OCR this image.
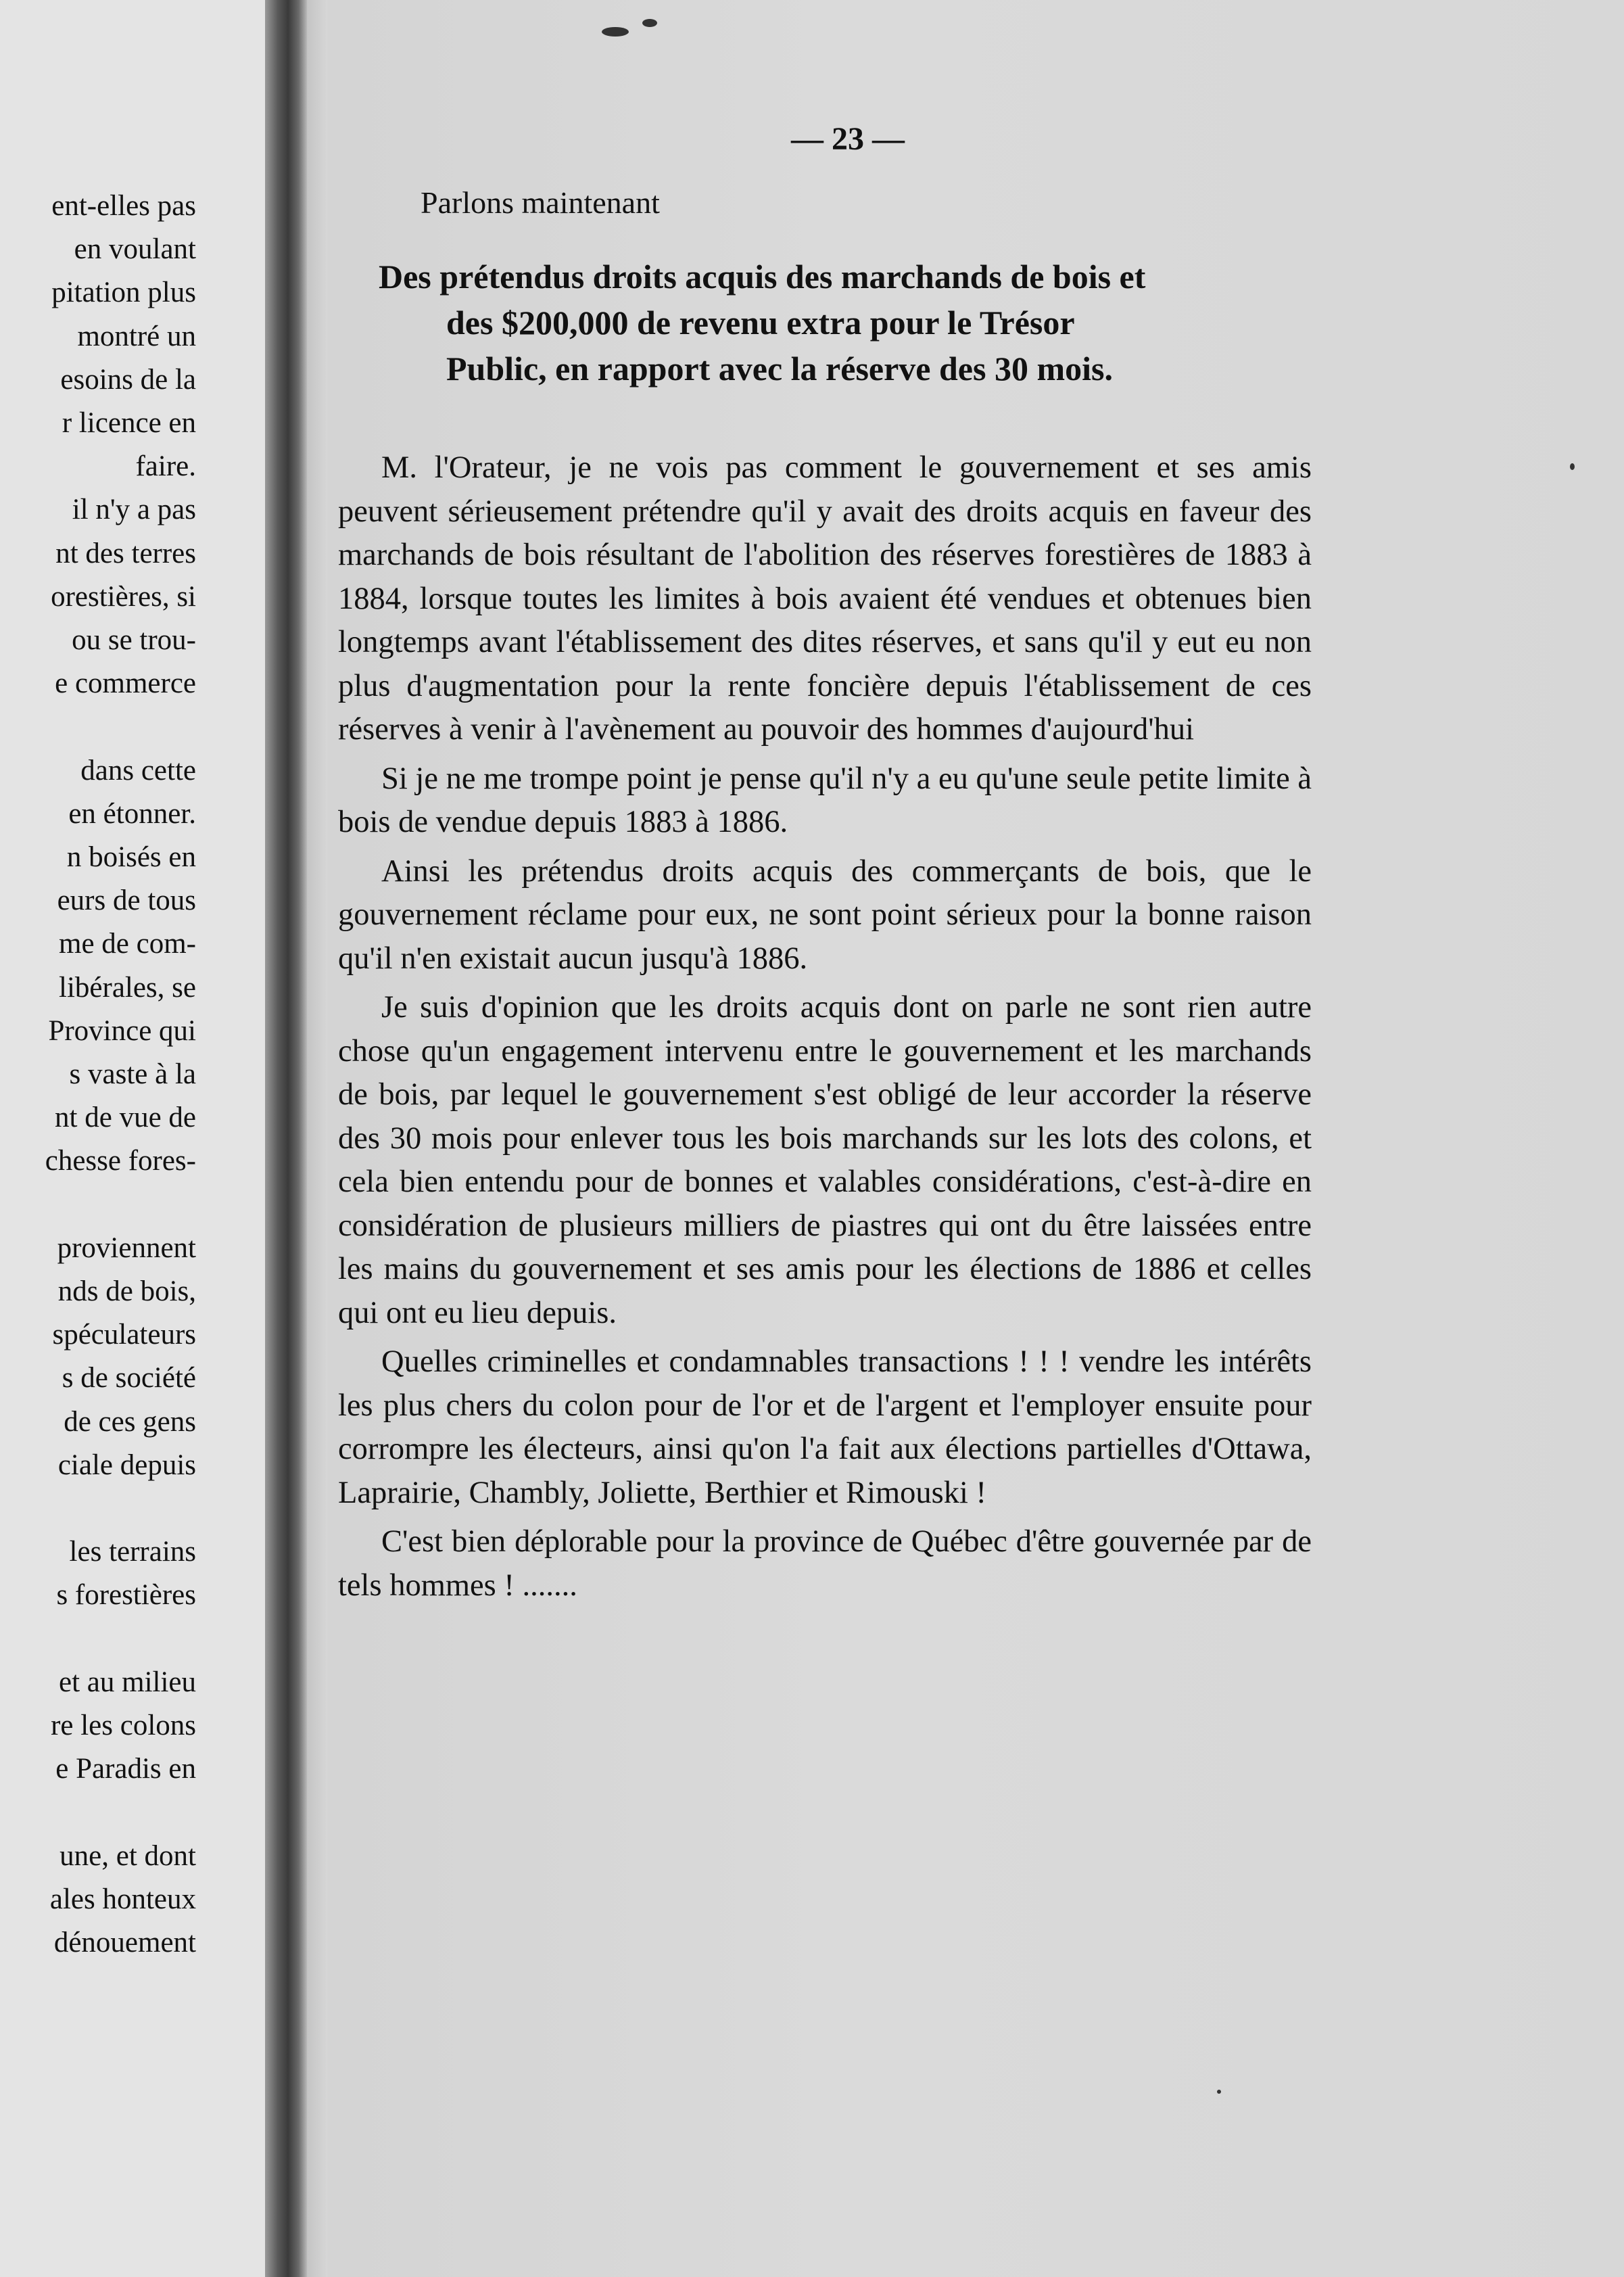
ent-elles pas
en voulant
pitation plus
montré un
esoins de la
r licence en
faire.
il n'y a pas
nt des terres
orestières, si
ou se trou-
e commerce
dans cette
en étonner.
n boisés en
eurs de tous
me de com-
libérales, se
Province qui
s vaste à la
nt de vue de
chesse fores-
proviennent
nds de bois,
spéculateurs
s de société
de ces gens
ciale depuis
les terrains
s forestières
et au milieu
re les colons
e Paradis en
une, et dont
ales honteux
dénouement
— 23 —
Parlons maintenant
Des prétendus droits acquis des marchands de bois et
des $200,000 de revenu extra pour le Trésor
Public, en rapport avec la réserve des 30 mois.

M. l'Orateur, je ne vois pas comment le gouvernement et ses amis peuvent sérieusement prétendre qu'il y avait des droits acquis en faveur des marchands de bois résultant de l'abolition des réserves forestières de 1883 à 1884, lorsque toutes les limites à bois avaient été vendues et obtenues bien longtemps avant l'établissement des dites réserves, et sans qu'il y eut eu non plus d'augmentation pour la rente foncière depuis l'établissement de ces réserves à venir à l'avènement au pouvoir des hommes d'aujourd'hui

Si je ne me trompe point je pense qu'il n'y a eu qu'une seule petite limite à bois de vendue depuis 1883 à 1886.

Ainsi les prétendus droits acquis des commerçants de bois, que le gouvernement réclame pour eux, ne sont point sérieux pour la bonne raison qu'il n'en existait aucun jusqu'à 1886.

Je suis d'opinion que les droits acquis dont on parle ne sont rien autre chose qu'un engagement intervenu entre le gouvernement et les marchands de bois, par lequel le gouvernement s'est obligé de leur accorder la réserve des 30 mois pour enlever tous les bois marchands sur les lots des colons, et cela bien entendu pour de bonnes et valables considérations, c'est-à-dire en considération de plusieurs milliers de piastres qui ont du être laissées entre les mains du gouvernement et ses amis pour les élections de 1886 et celles qui ont eu lieu depuis.

Quelles criminelles et condamnables transactions ! ! ! vendre les intérêts les plus chers du colon pour de l'or et de l'argent et l'employer ensuite pour corrompre les électeurs, ainsi qu'on l'a fait aux élections partielles d'Ottawa, Laprairie, Chambly, Joliette, Berthier et Rimouski !

C'est bien déplorable pour la province de Québec d'être gouvernée par de tels hommes ! .......
